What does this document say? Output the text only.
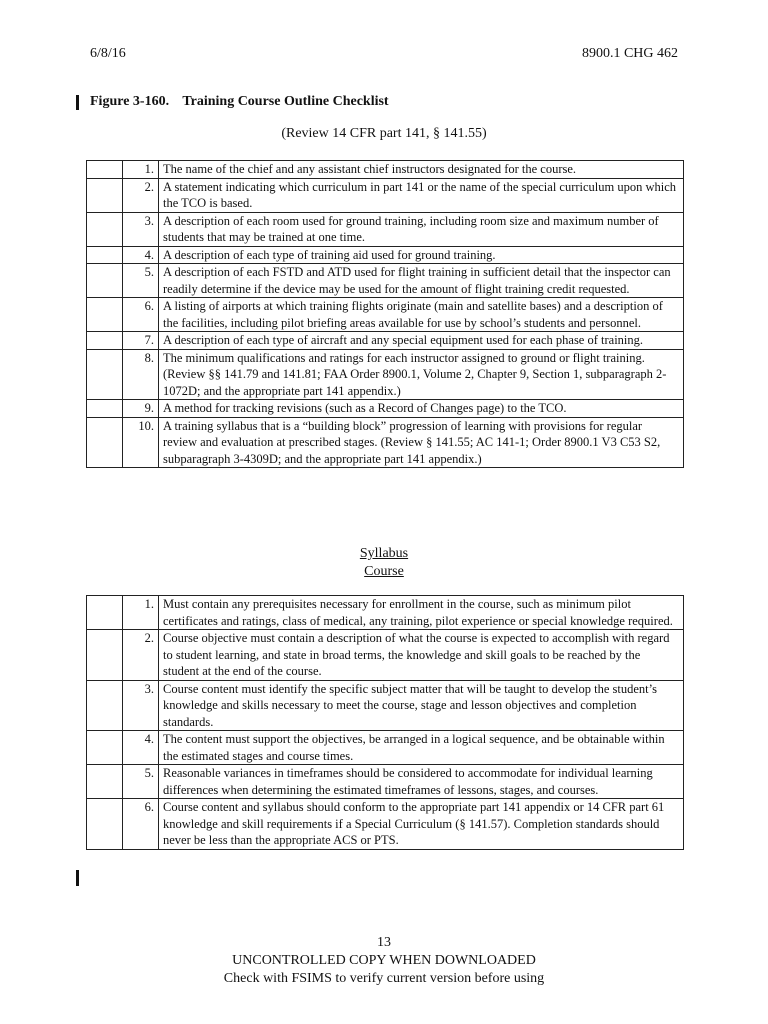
6/8/16	8900.1 CHG 462
Figure 3-160. Training Course Outline Checklist
(Review 14 CFR part 141, § 141.55)
	1.	The name of the chief and any assistant chief instructors designated for the course.
	2.	A statement indicating which curriculum in part 141 or the name of the special curriculum upon which the TCO is based.
	3.	A description of each room used for ground training, including room size and maximum number of students that may be trained at one time.
	4.	A description of each type of training aid used for ground training.
	5.	A description of each FSTD and ATD used for flight training in sufficient detail that the inspector can readily determine if the device may be used for the amount of flight training credit requested.
	6.	A listing of airports at which training flights originate (main and satellite bases) and a description of the facilities, including pilot briefing areas available for use by school’s students and personnel.
	7.	A description of each type of aircraft and any special equipment used for each phase of training.
	8.	The minimum qualifications and ratings for each instructor assigned to ground or flight training. (Review §§ 141.79 and 141.81; FAA Order 8900.1, Volume 2, Chapter 9, Section 1, subparagraph 2-1072D; and the appropriate part 141 appendix.)
	9.	A method for tracking revisions (such as a Record of Changes page) to the TCO.
	10.	A training syllabus that is a “building block” progression of learning with provisions for regular review and evaluation at prescribed stages. (Review § 141.55; AC 141-1; Order 8900.1 V3 C53 S2, subparagraph 3-4309D; and the appropriate part 141 appendix.)
Syllabus
Course
	1.	Must contain any prerequisites necessary for enrollment in the course, such as minimum pilot certificates and ratings, class of medical, any training, pilot experience or special knowledge required.
	2.	Course objective must contain a description of what the course is expected to accomplish with regard to student learning, and state in broad terms, the knowledge and skill goals to be reached by the student at the end of the course.
	3.	Course content must identify the specific subject matter that will be taught to develop the student’s knowledge and skills necessary to meet the course, stage and lesson objectives and completion standards.
	4.	The content must support the objectives, be arranged in a logical sequence, and be obtainable within the estimated stages and course times.
	5.	Reasonable variances in timeframes should be considered to accommodate for individual learning differences when determining the estimated timeframes of lessons, stages, and courses.
	6.	Course content and syllabus should conform to the appropriate part 141 appendix or 14 CFR part 61 knowledge and skill requirements if a Special Curriculum (§ 141.57). Completion standards should never be less than the appropriate ACS or PTS.
13
UNCONTROLLED COPY WHEN DOWNLOADED
Check with FSIMS to verify current version before using
